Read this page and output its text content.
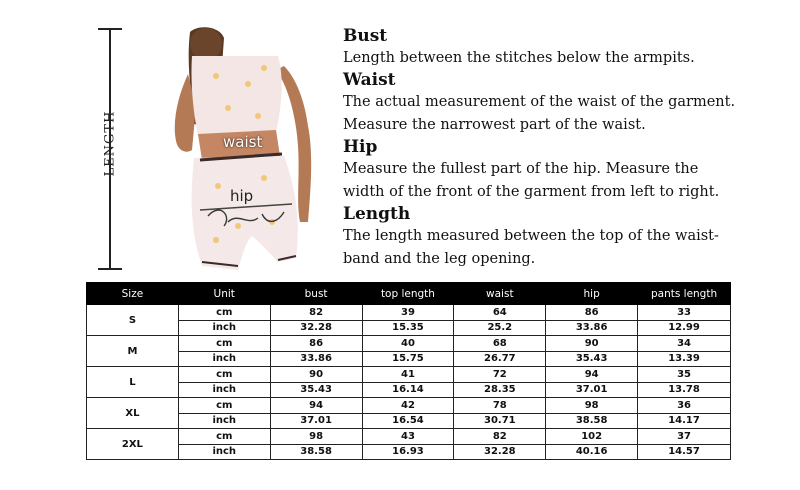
LENGTH	waist
hip
Bust
Length between the stitches below the armpits.
Waist
The actual measurement of the waist of the garment.
Measure the narrowest part of the waist.
Hip
Measure the fullest part of the hip. Measure the
width of the front of the garment from left to right.
Length
The length measured between the top of the waist-
band and the leg opening.
Size	Unit	bust	top length	waist	hip	pants length
S	cm	82	39	64	86	33
	inch	32.28	15.35	25.2	33.86	12.99
M	cm	86	40	68	90	34
	inch	33.86	15.75	26.77	35.43	13.39
L	cm	90	41	72	94	35
	inch	35.43	16.14	28.35	37.01	13.78
XL	cm	94	42	78	98	36
	inch	37.01	16.54	30.71	38.58	14.17
2XL	cm	98	43	82	102	37
	inch	38.58	16.93	32.28	40.16	14.57
